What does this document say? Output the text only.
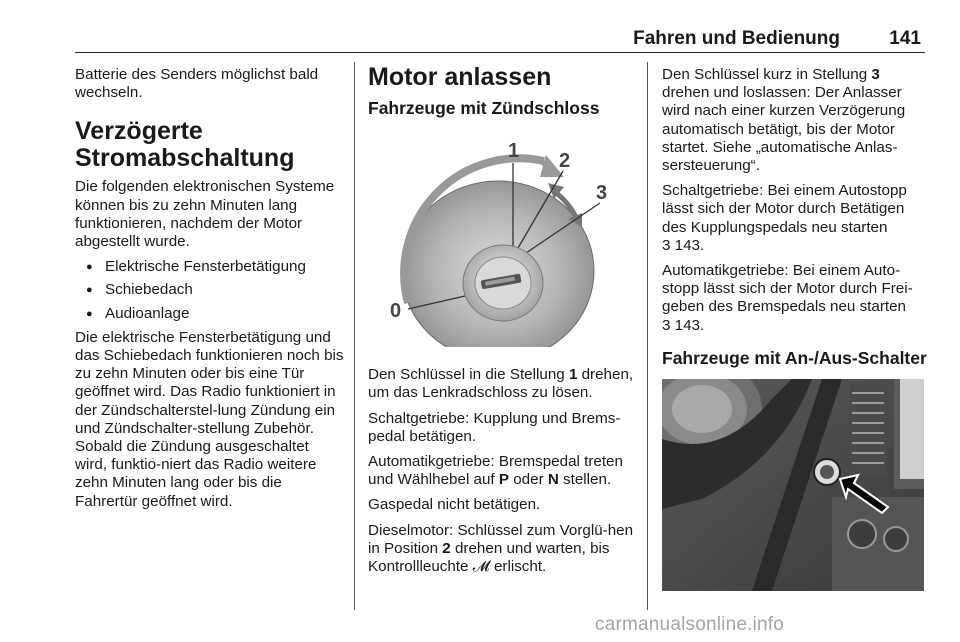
Fahren und Bedienung	141

Batterie des Senders möglichst bald wechseln.

Verzögerte Stromabschaltung

Die folgenden elektronischen Systeme können bis zu zehn Minuten lang funktionieren, nachdem der Motor abgestellt wurde.

● Elektrische Fensterbetätigung
● Schiebedach
● Audioanlage

Die elektrische Fensterbetätigung und das Schiebedach funktionieren noch bis zu zehn Minuten oder bis eine Tür geöffnet wird. Das Radio funktioniert in der Zündschalterstel-lung Zündung ein und Zündschalter-stellung Zubehör. Sobald die Zündung ausgeschaltet wird, funktio-niert das Radio weitere zehn Minuten lang oder bis die Fahrertür geöffnet wird.

Motor anlassen
Fahrzeuge mit Zündschloss
1 2
3
0

Den Schlüssel in die Stellung 1 drehen, um das Lenkradschloss zu lösen.

Schaltgetriebe: Kupplung und Brems-pedal betätigen.

Automatikgetriebe: Bremspedal treten und Wählhebel auf P oder N stellen.

Gaspedal nicht betätigen.

Dieselmotor: Schlüssel zum Vorglü-hen in Position 2 drehen und warten, bis Kontrollleuchte 𝓜 erlischt.

Den Schlüssel kurz in Stellung 3 drehen und loslassen: Der Anlasser wird nach einer kurzen Verzögerung automatisch betätigt, bis der Motor startet. Siehe „automatische Anlas-sersteuerung“.

Schaltgetriebe: Bei einem Autostopp lässt sich der Motor durch Betätigen des Kupplungspedals neu starten
3 143.

Automatikgetriebe: Bei einem Auto-stopp lässt sich der Motor durch Frei-geben des Bremspedals neu starten
3 143.

Fahrzeuge mit An-/Aus-Schalter
carmanualsonline.info
